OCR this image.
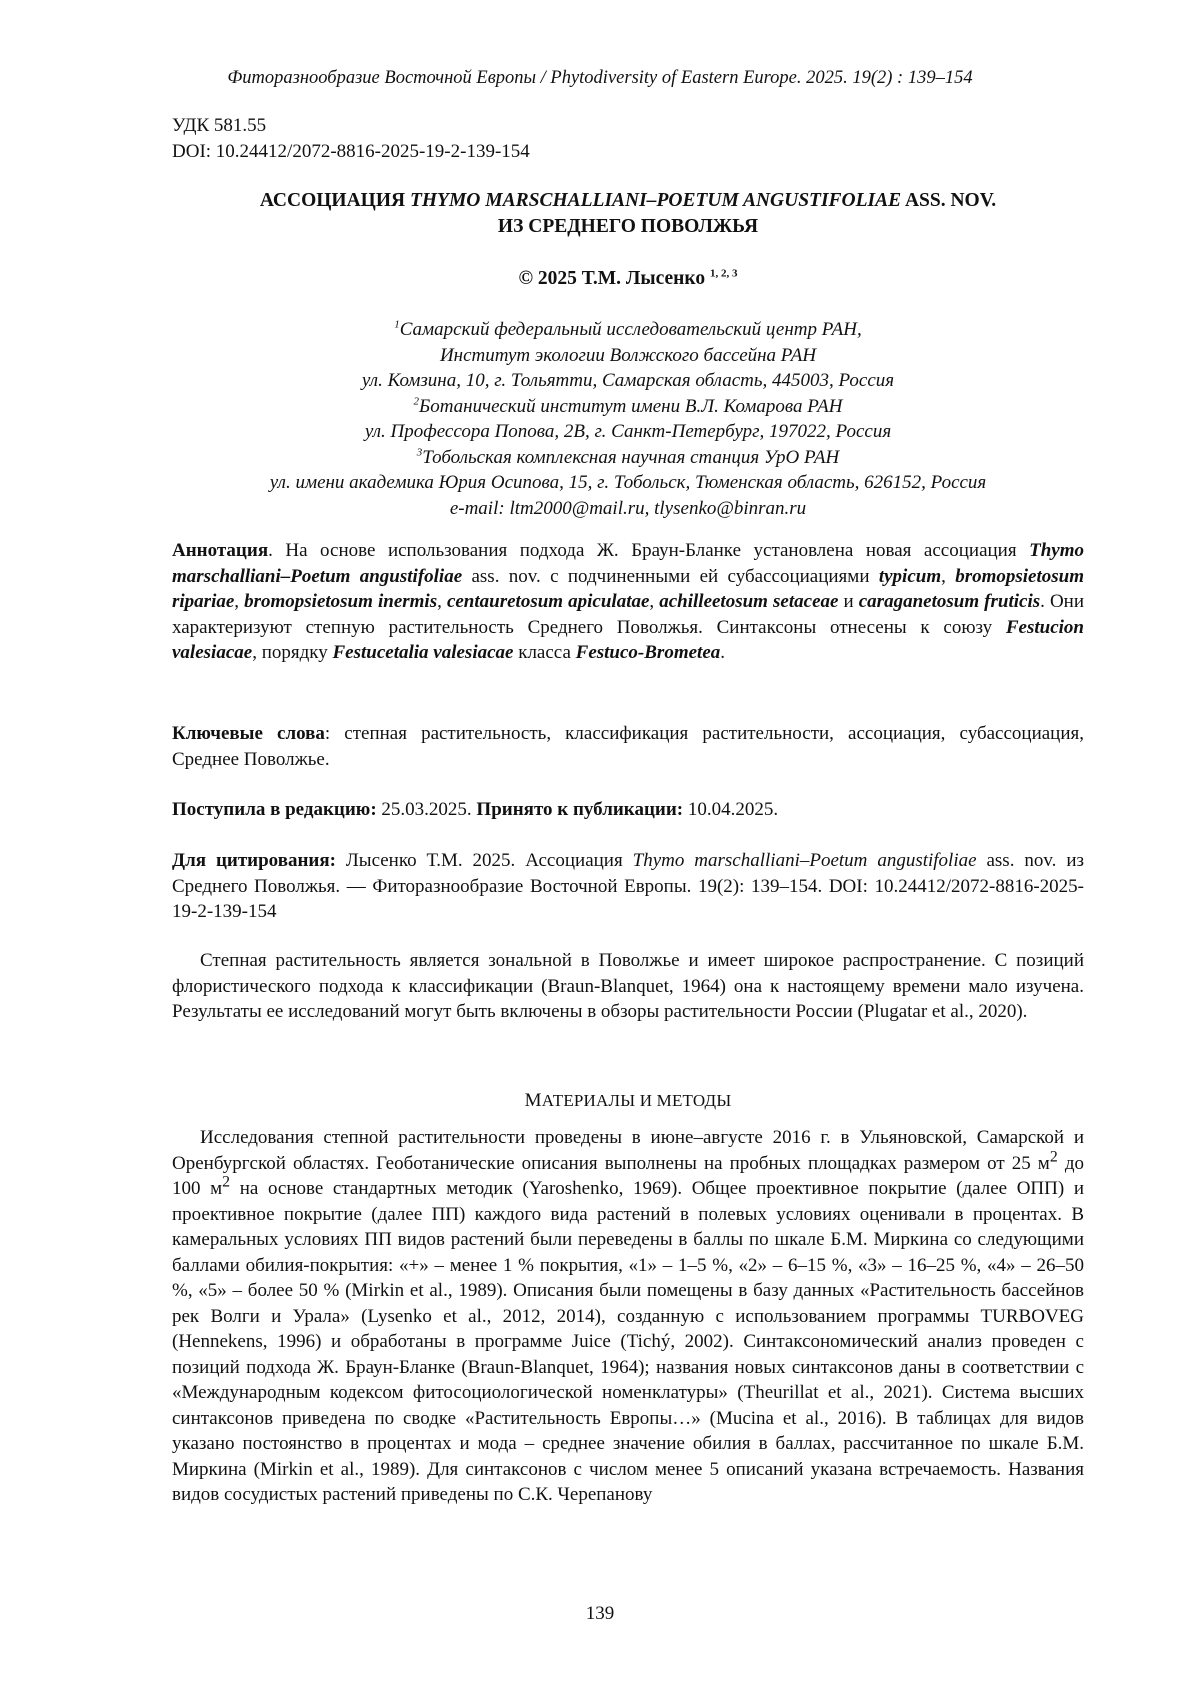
Фиторазнообразие Восточной Европы / Phytodiversity of Eastern Europe. 2025. 19(2) : 139–154
УДК 581.55
DOI: 10.24412/2072-8816-2025-19-2-139-154
АССОЦИАЦИЯ THYMO MARSCHALLIANI–POETUM ANGUSTIFOLIAE ASS. NOV.
ИЗ СРЕДНЕГО ПОВОЛЖЬЯ
© 2025 Т.М. Лысенко $^{1, 2, 3}$
$^1$Самарский федеральный исследовательский центр РАН,
Институт экологии Волжского бассейна РАН
ул. Комзина, 10, г. Тольятти, Самарская область, 445003, Россия
$^2$Ботанический институт имени В.Л. Комарова РАН
ул. Профессора Попова, 2В, г. Санкт-Петербург, 197022, Россия
$^3$Тобольская комплексная научная станция УрО РАН
ул. имени академика Юрия Осипова, 15, г. Тобольск, Тюменская область, 626152, Россия
e-mail: ltm2000@mail.ru, tlysenko@binran.ru
Аннотация. На основе использования подхода Ж. Браун-Бланке установлена новая ассоциация Thymo marschalliani–Poetum angustifoliae ass. nov. с подчиненными ей субассоциациями typicum, bromopsietosum ripariae, bromopsietosum inermis, centauretosum apiculatae, achilleetosum setaceae и caraganetosum fruticis. Они характеризуют степную растительность Среднего Поволжья. Синтаксоны отнесены к союзу Festucion valesiacae, порядку Festucetalia valesiacae класса Festuco-Brometea.
Ключевые слова: степная растительность, классификация растительности, ассоциация, субассоциация, Среднее Поволжье.
Поступила в редакцию: 25.03.2025. Принято к публикации: 10.04.2025.
Для цитирования: Лысенко Т.М. 2025. Ассоциация Thymo marschalliani–Poetum angustifoliae ass. nov. из Среднего Поволжья. — Фиторазнообразие Восточной Европы. 19(2): 139–154. DOI: 10.24412/2072-8816-2025-19-2-139-154
Степная растительность является зональной в Поволжье и имеет широкое распространение. С позиций флористического подхода к классификации (Braun-Blanquet, 1964) она к настоящему времени мало изучена. Результаты ее исследований могут быть включены в обзоры растительности России (Plugatar et al., 2020).
МАТЕРИАЛЫ И МЕТОДЫ
Исследования степной растительности проведены в июне–августе 2016 г. в Ульяновской, Самарской и Оренбургской областях. Геоботанические описания выполнены на пробных площадках размером от 25 $м^2$ до 100 $м^2$ на основе стандартных методик (Yaroshenko, 1969). Общее проективное покрытие (далее ОПП) и проективное покрытие (далее ПП) каждого вида растений в полевых условиях оценивали в процентах. В камеральных условиях ПП видов растений были переведены в баллы по шкале Б.М. Миркина со следующими баллами обилия-покрытия: «+» – менее 1 % покрытия, «1» – 1–5 %, «2» – 6–15 %, «3» – 16–25 %, «4» – 26–50 %, «5» – более 50 % (Mirkin et al., 1989). Описания были помещены в базу данных «Растительность бассейнов рек Волги и Урала» (Lysenko et al., 2012, 2014), созданную с использованием программы TURBOVEG (Hennekens, 1996) и обработаны в программе Juice (Tichý, 2002). Синтаксономический анализ проведен с позиций подхода Ж. Браун-Бланке (Braun-Blanquet, 1964); названия новых синтаксонов даны в соответствии с «Международным кодексом фитосоциологической номенклатуры» (Theurillat et al., 2021). Система высших синтаксонов приведена по сводке «Растительность Европы…» (Mucina et al., 2016). В таблицах для видов указано постоянство в процентах и мода – среднее значение обилия в баллах, рассчитанное по шкале Б.М. Миркина (Mirkin et al., 1989). Для синтаксонов с числом менее 5 описаний указана встречаемость. Названия видов сосудистых растений приведены по С.К. Черепанову
139
